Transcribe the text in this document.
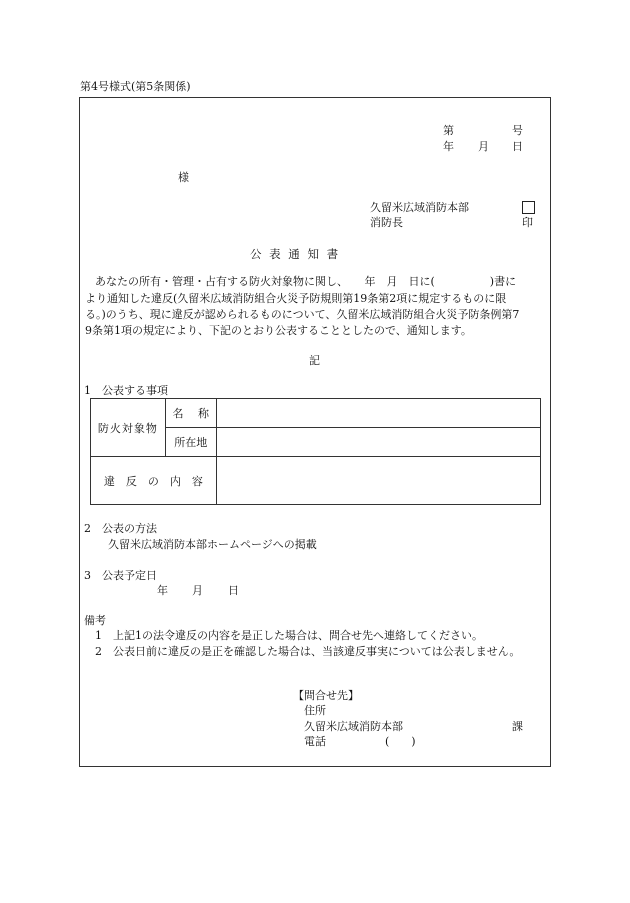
第4号様式(第5条関係)
第	号
年 月 日
様
久留米広域消防本部
消防長	印
公 表 通 知 書
あなたの所有・管理・占有する防火対象物に関し、　　年　月　日に(　　　　　)書に
より通知した違反(久留米広域消防組合火災予防規則第19条第2項に規定するものに限
る。)のうち、現に違反が認められるものについて、久留米広域消防組合火災予防条例第7
9条第1項の規定により、下記のとおり公表することとしたので、通知します。
記
1　公表する事項
防火対象物	名　 称	
	所在地	
違　反　の　内　容		
2　公表の方法
久留米広域消防本部ホームページへの掲載
3　公表予定日
年 月 日
備考
1　上記1の法令違反の内容を是正した場合は、問合せ先へ連絡してください。
2　公表日前に違反の是正を確認した場合は、当該違反事実については公表しません。
【問合せ先】
住所
久留米広域消防本部	課
電話	(　　)
